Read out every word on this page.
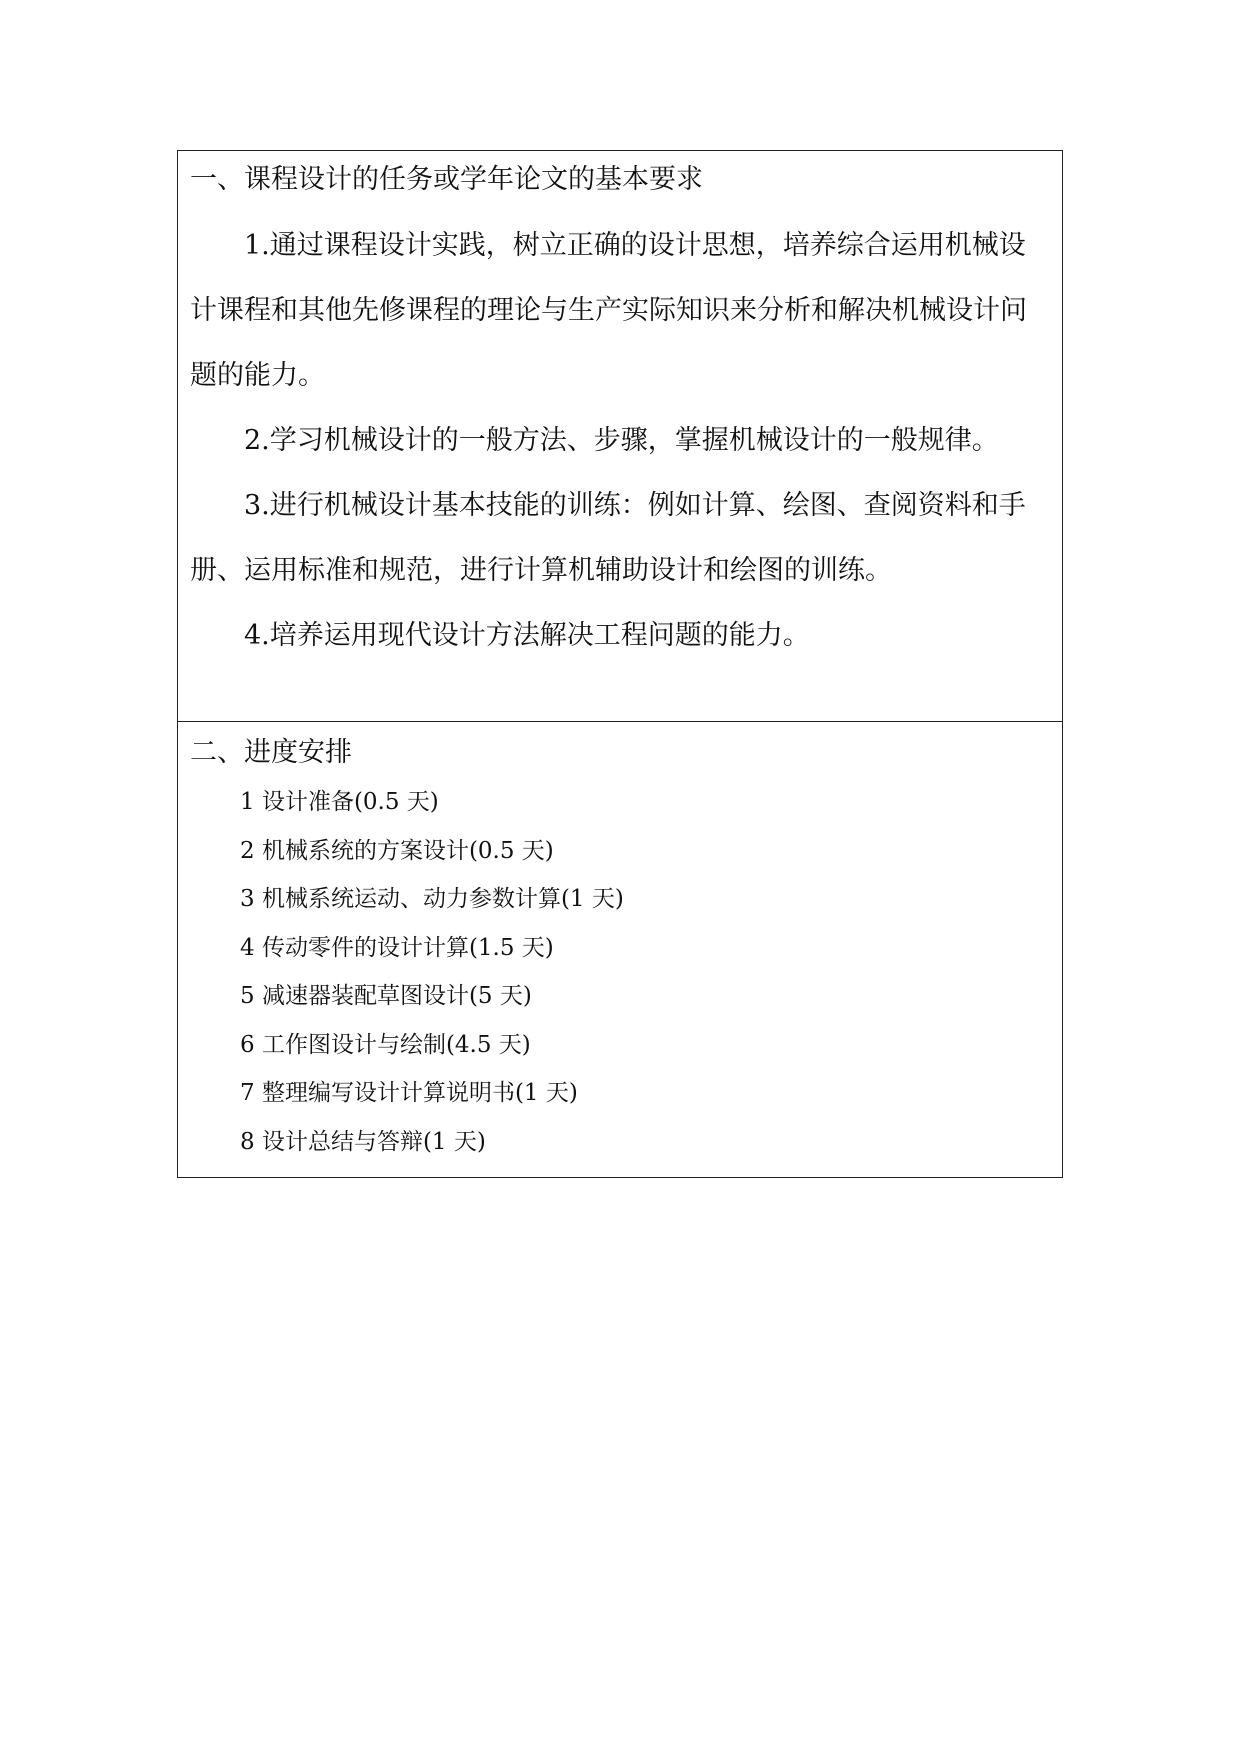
一、课程设计的任务或学年论文的基本要求

1.通过课程设计实践，树立正确的设计思想，培养综合运用机械设计课程和其他先修课程的理论与生产实际知识来分析和解决机械设计问题的能力。

2.学习机械设计的一般方法、步骤，掌握机械设计的一般规律。

3.进行机械设计基本技能的训练：例如计算、绘图、查阅资料和手册、运用标准和规范，进行计算机辅助设计和绘图的训练。

4.培养运用现代设计方法解决工程问题的能力。

二、进度安排

1 设计准备(0.5 天)
2 机械系统的方案设计(0.5 天)
3 机械系统运动、动力参数计算(1 天)
4 传动零件的设计计算(1.5 天)
5 减速器装配草图设计(5 天)
6 工作图设计与绘制(4.5 天)
7 整理编写设计计算说明书(1 天)
8 设计总结与答辩(1 天)
